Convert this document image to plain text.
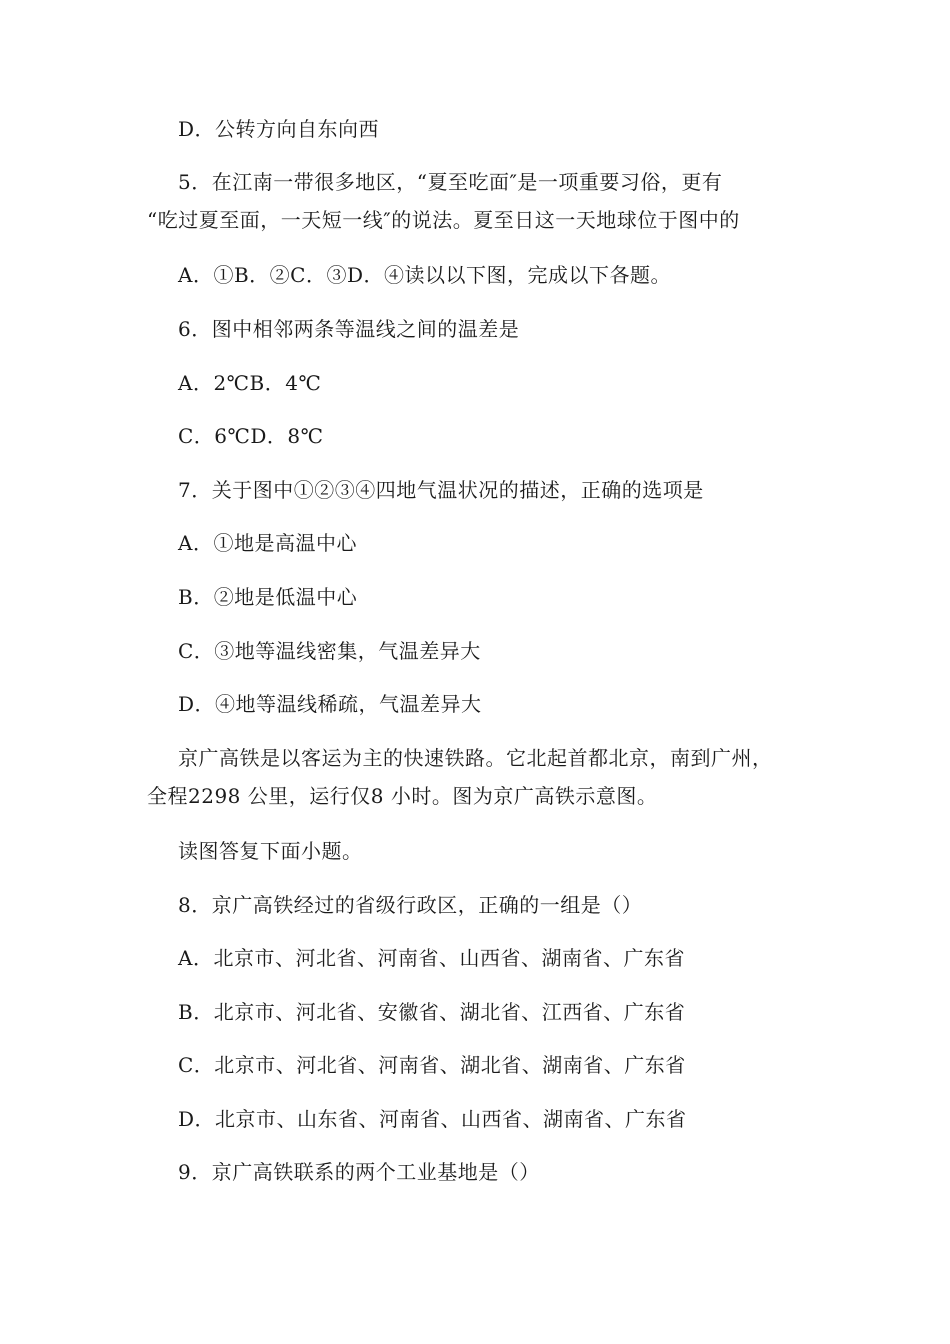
D．公转方向自东向西
5．在江南一带很多地区，“夏至吃面″是一项重要习俗，更有
“吃过夏至面，一天短一线″的说法。夏至日这一天地球位于图中的
A．①B．②C．③D．④读以以下图，完成以下各题。
6．图中相邻两条等温线之间的温差是
A．2℃B．4℃
C．6℃D．8℃
7．关于图中①②③④四地气温状况的描述，正确的选项是
A．①地是高温中心
B．②地是低温中心
C．③地等温线密集，气温差异大
D．④地等温线稀疏，气温差异大
京广高铁是以客运为主的快速铁路。它北起首都北京，南到广州，
全程2298 公里，运行仅8 小时。图为京广高铁示意图。
读图答复下面小题。
8．京广高铁经过的省级行政区，正确的一组是（）
A．北京市、河北省、河南省、山西省、湖南省、广东省
B．北京市、河北省、安徽省、湖北省、江西省、广东省
C．北京市、河北省、河南省、湖北省、湖南省、广东省
D．北京市、山东省、河南省、山西省、湖南省、广东省
9．京广高铁联系的两个工业基地是（）
